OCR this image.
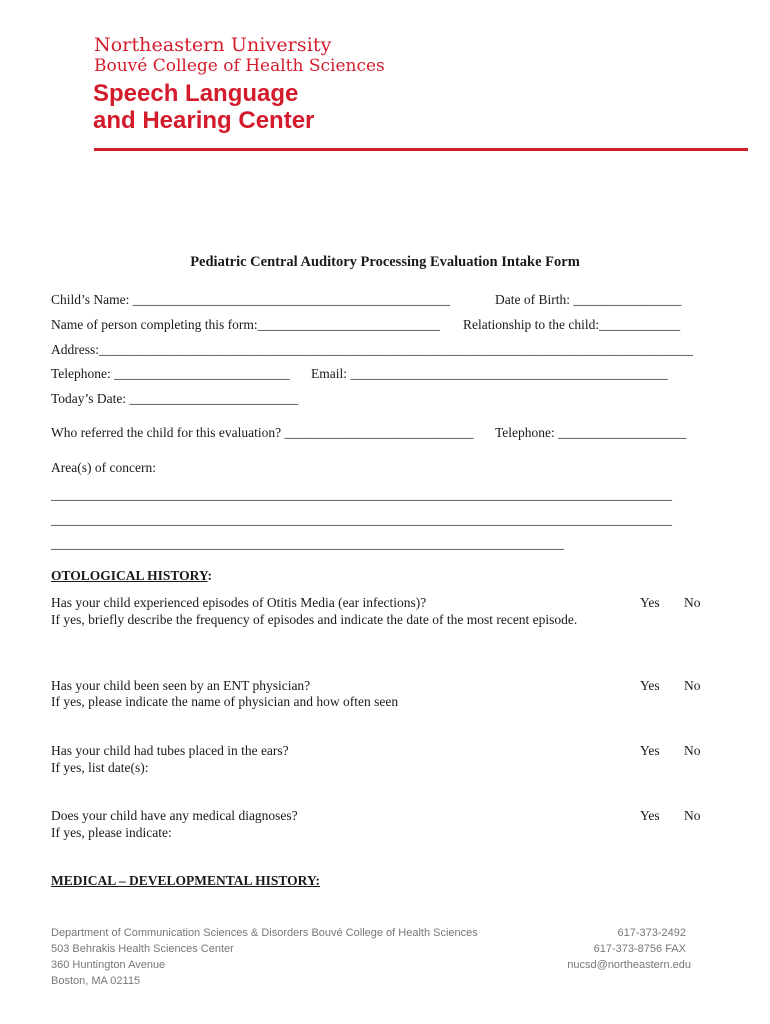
Northeastern University
Bouvé College of Health Sciences
Speech Language
and Hearing Center
Pediatric Central Auditory Processing Evaluation Intake Form
Child’s Name: _______________________________________________	Date of Birth: ________________
Name of person completing this form:___________________________ Relationship to the child:____________
Address:________________________________________________________________________________________
Telephone: __________________________ Email: _______________________________________________
Today’s Date: _________________________
Who referred the child for this evaluation? ____________________________ Telephone: ___________________
Area(s) of concern:
____________________________________________________________________________________________
____________________________________________________________________________________________
____________________________________________________________________________
OTOLOGICAL HISTORY:
Has your child experienced episodes of Otitis Media (ear infections)?
If yes, briefly describe the frequency of episodes and indicate the date of the most recent episode.
Yes No
Has your child been seen by an ENT physician?
If yes, please indicate the name of physician and how often seen
Yes No
Has your child had tubes placed in the ears?
If yes, list date(s):
Yes No
Does your child have any medical diagnoses?
If yes, please indicate:
Yes No
MEDICAL – DEVELOPMENTAL HISTORY:
Department of Communication Sciences & Disorders Bouvé College of Health Sciences
503 Behrakis Health Sciences Center
360 Huntington Avenue
Boston, MA 02115
617-373-2492
617-373-8756 FAX
nucsd@northeastern.edu
